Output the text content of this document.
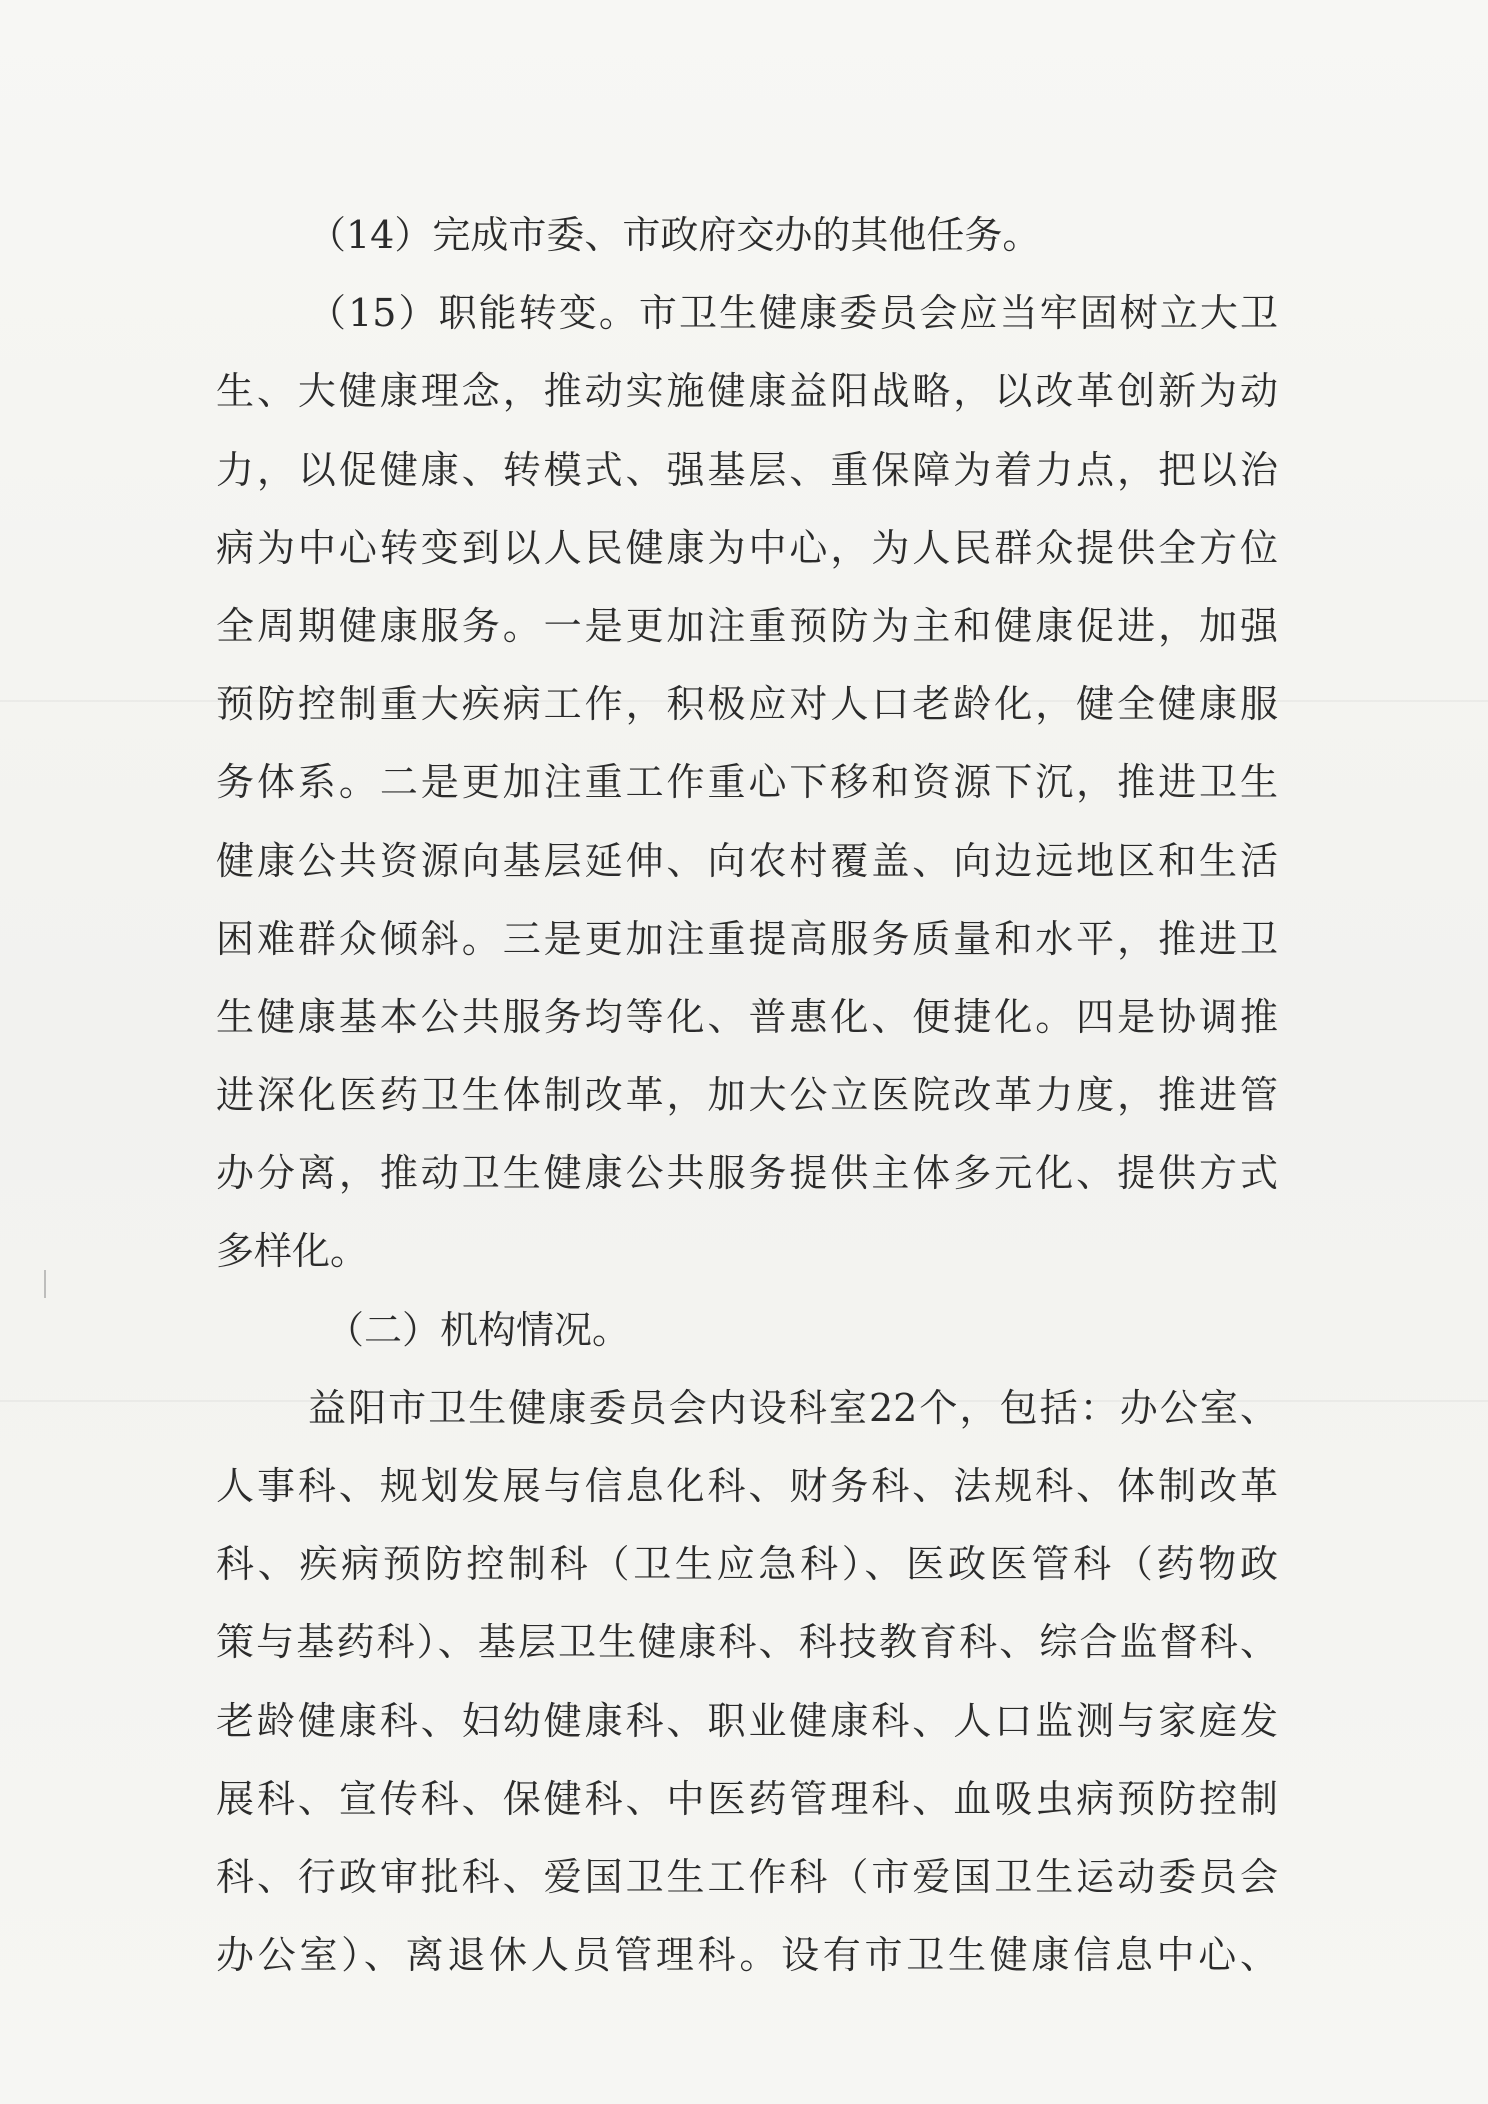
（14）完成市委、市政府交办的其他任务。
（15）职能转变。市卫生健康委员会应当牢固树立大卫
生、大健康理念，推动实施健康益阳战略，以改革创新为动
力，以促健康、转模式、强基层、重保障为着力点，把以治
病为中心转变到以人民健康为中心，为人民群众提供全方位
全周期健康服务。一是更加注重预防为主和健康促进，加强
预防控制重大疾病工作，积极应对人口老龄化，健全健康服
务体系。二是更加注重工作重心下移和资源下沉，推进卫生
健康公共资源向基层延伸、向农村覆盖、向边远地区和生活
困难群众倾斜。三是更加注重提高服务质量和水平，推进卫
生健康基本公共服务均等化、普惠化、便捷化。四是协调推
进深化医药卫生体制改革，加大公立医院改革力度，推进管
办分离，推动卫生健康公共服务提供主体多元化、提供方式
多样化。
（二）机构情况。
益阳市卫生健康委员会内设科室22个，包括：办公室、
人事科、规划发展与信息化科、财务科、法规科、体制改革
科、疾病预防控制科（卫生应急科）、医政医管科（药物政
策与基药科）、基层卫生健康科、科技教育科、综合监督科、
老龄健康科、妇幼健康科、职业健康科、人口监测与家庭发
展科、宣传科、保健科、中医药管理科、血吸虫病预防控制
科、行政审批科、爱国卫生工作科（市爱国卫生运动委员会
办公室）、离退休人员管理科。设有市卫生健康信息中心、
